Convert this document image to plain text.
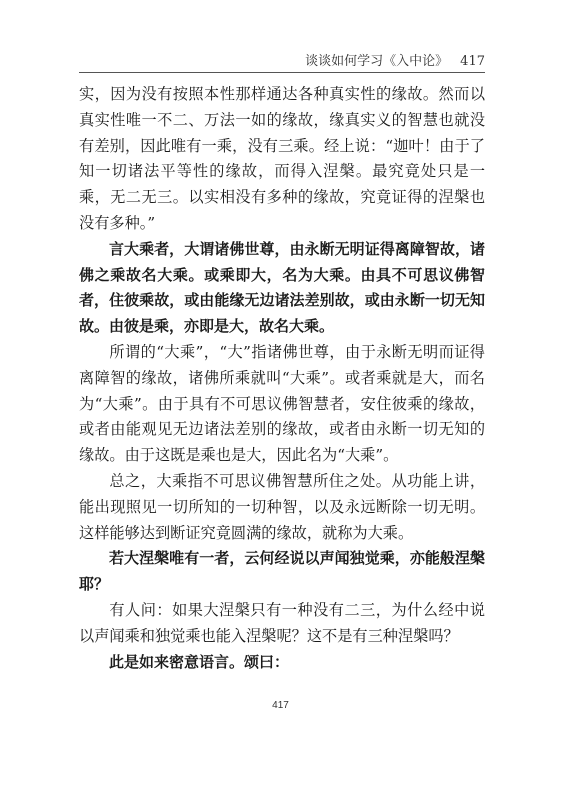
谈谈如何学习《入中论》 417

实，因为没有按照本性那样通达各种真实性的缘故。然而以真实性唯一不二、万法一如的缘故，缘真实义的智慧也就没有差别，因此唯有一乘，没有三乘。经上说：“迦叶！由于了知一切诸法平等性的缘故，而得入涅槃。最究竟处只是一乘，无二无三。以实相没有多种的缘故，究竟证得的涅槃也没有多种。”

言大乘者，大谓诸佛世尊，由永断无明证得离障智故，诸佛之乘故名大乘。或乘即大，名为大乘。由具不可思议佛智者，住彼乘故，或由能缘无边诸法差别故，或由永断一切无知故。由彼是乘，亦即是大，故名大乘。

所谓的“大乘”，“大”指诸佛世尊，由于永断无明而证得离障智的缘故，诸佛所乘就叫“大乘”。或者乘就是大，而名为“大乘”。由于具有不可思议佛智慧者，安住彼乘的缘故，或者由能观见无边诸法差别的缘故，或者由永断一切无知的缘故。由于这既是乘也是大，因此名为“大乘”。

总之，大乘指不可思议佛智慧所住之处。从功能上讲，能出现照见一切所知的一切种智，以及永远断除一切无明。这样能够达到断证究竟圆满的缘故，就称为大乘。

若大涅槃唯有一者，云何经说以声闻独觉乘，亦能般涅槃耶？

有人问：如果大涅槃只有一种没有二三，为什么经中说以声闻乘和独觉乘也能入涅槃呢？这不是有三种涅槃吗？

此是如来密意语言。颂曰：

417
